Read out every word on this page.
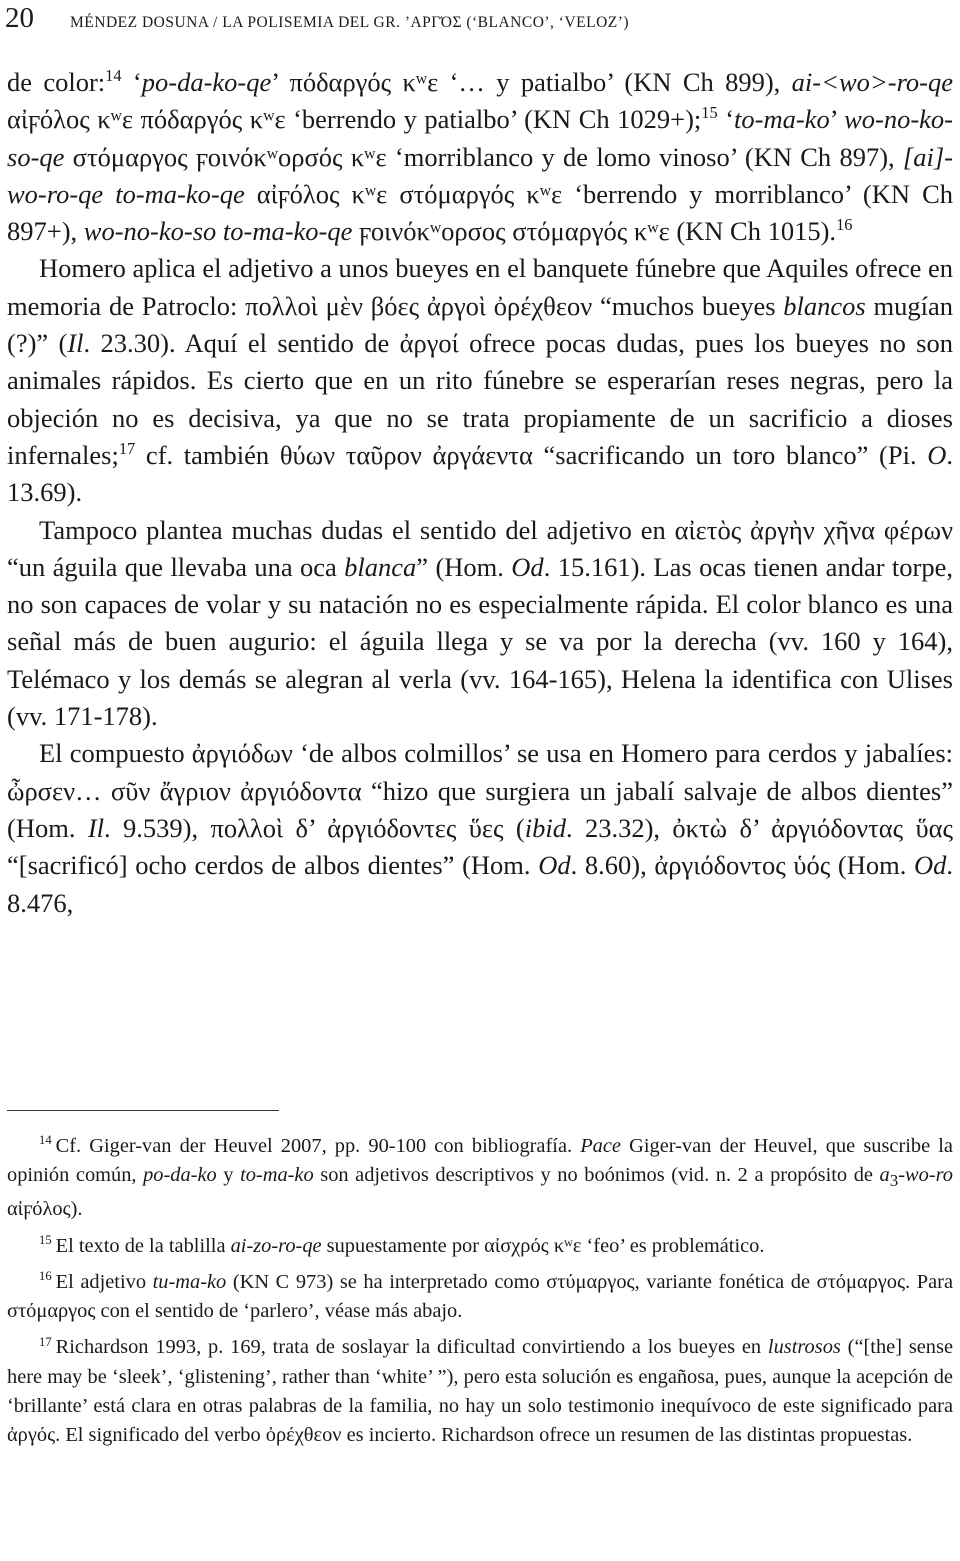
20 MÉNDEZ DOSUNA / LA POLISEMIA DEL GR. ’ΑΡΓΌΣ (‘BLANCO’, ‘VELOZ’)

de color:$^{14}$ ‘po-da-ko-qe’ πόδαργός κʷε ‘… y patialbo’ (KN Ch 899), ai-<wo>-ro-qe αἰϝόλος κʷε πόδαργός κʷε ‘berrendo y patialbo’ (KN Ch 1029+);$^{15}$ ‘to-ma-ko’ wo-no-ko-so-qe στόμαργος ϝοινόκʷορσός κʷε ‘morriblanco y de lomo vinoso’ (KN Ch 897), [ai]-wo-ro-qe to-ma-ko-qe αἰϝόλος κʷε στόμαργός κʷε ‘berrendo y morriblanco’ (KN Ch 897+), wo-no-ko-so to-ma-ko-qe ϝοινόκʷορσος στόμαργός κʷε (KN Ch 1015).$^{16}$

Homero aplica el adjetivo a unos bueyes en el banquete fúnebre que Aquiles ofrece en memoria de Patroclo: πολλοὶ μὲν βόες ἀργοὶ ὀρέχθεον “muchos bueyes blancos mugían (?)” (Il. 23.30). Aquí el sentido de ἀργοί ofrece pocas dudas, pues los bueyes no son animales rápidos. Es cierto que en un rito fúnebre se esperarían reses negras, pero la objeción no es decisiva, ya que no se trata propiamente de un sacrificio a dioses infernales;$^{17}$ cf. también θύων ταῦρον ἀργάεντα “sacrificando un toro blanco” (Pi. O. 13.69).

Tampoco plantea muchas dudas el sentido del adjetivo en αἰετὸς ἀργὴν χῆνα φέρων “un águila que llevaba una oca blanca” (Hom. Od. 15.161). Las ocas tienen andar torpe, no son capaces de volar y su natación no es especialmente rápida. El color blanco es una señal más de buen augurio: el águila llega y se va por la derecha (vv. 160 y 164), Telémaco y los demás se alegran al verla (vv. 164-165), Helena la identifica con Ulises (vv. 171-178).

El compuesto ἀργιόδων ‘de albos colmillos’ se usa en Homero para cerdos y jabalíes: ὦρσεν… σῦν ἄγριον ἀργιόδοντα “hizo que surgiera un jabalí salvaje de albos dientes” (Hom. Il. 9.539), πολλοὶ δ’ ἀργιόδοντες ὕες (ibid. 23.32), ὀκτὼ δ’ ἀργιόδοντας ὕας “[sacrificó] ocho cerdos de albos dientes” (Hom. Od. 8.60), ἀργιόδοντος ὑός (Hom. Od. 8.476,

$^{14}$ Cf. Giger-van der Heuvel 2007, pp. 90-100 con bibliografía. Pace Giger-van der Heuvel, que suscribe la opinión común, po-da-ko y to-ma-ko son adjetivos descriptivos y no boónimos (vid. n. 2 a propósito de $a_3-wo-ro$ αἰϝόλος).

$^{15}$ El texto de la tablilla ai-zo-ro-qe supuestamente por αἰσχρός κʷε ‘feo’ es problemático.

$^{16}$ El adjetivo tu-ma-ko (KN C 973) se ha interpretado como στύμαργος, variante fonética de στόμαργος. Para στόμαργος con el sentido de ‘parlero’, véase más abajo.

$^{17}$ Richardson 1993, p. 169, trata de soslayar la dificultad convirtiendo a los bueyes en lustrosos (“[the] sense here may be ‘sleek’, ‘glistening’, rather than ‘white’ ”), pero esta solución es engañosa, pues, aunque la acepción de ‘brillante’ está clara en otras palabras de la familia, no hay un solo testimonio inequívoco de este significado para ἀργός. El significado del verbo ὀρέχθεον es incierto. Richardson ofrece un resumen de las distintas propuestas.
